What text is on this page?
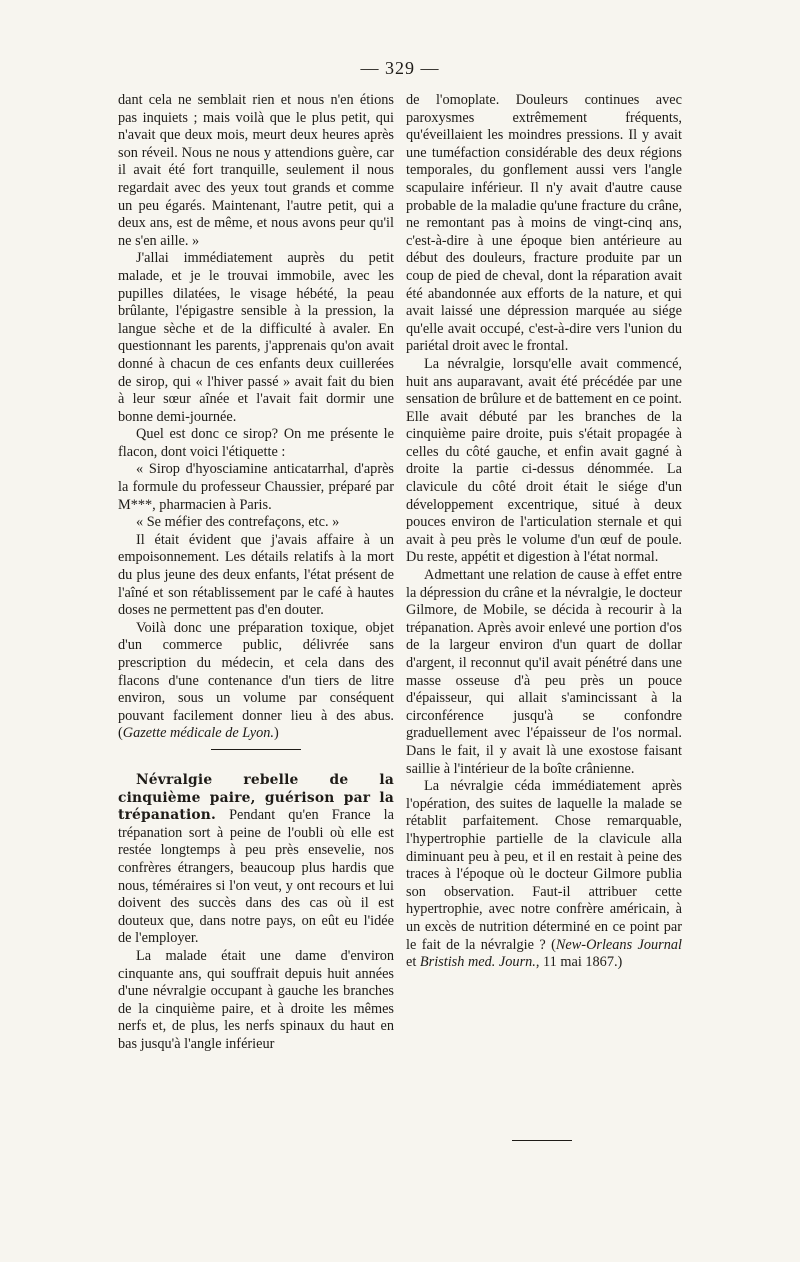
— 329 —

dant cela ne semblait rien et nous n'en étions pas inquiets ; mais voilà que le plus petit, qui n'avait que deux mois, meurt deux heures après son réveil. Nous ne nous y attendions guère, car il avait été fort tranquille, seulement il nous regardait avec des yeux tout grands et comme un peu égarés. Maintenant, l'autre petit, qui a deux ans, est de même, et nous avons peur qu'il ne s'en aille. »

J'allai immédiatement auprès du petit malade, et je le trouvai immobile, avec les pupilles dilatées, le visage hébété, la peau brûlante, l'épigastre sensible à la pression, la langue sèche et de la difficulté à avaler. En questionnant les parents, j'apprenais qu'on avait donné à chacun de ces enfants deux cuillerées de sirop, qui « l'hiver passé » avait fait du bien à leur sœur aînée et l'avait fait dormir une bonne demi-journée.

Quel est donc ce sirop? On me présente le flacon, dont voici l'étiquette :

« Sirop d'hyosciamine anticatarrhal, d'après la formule du professeur Chaussier, préparé par M***, pharmacien à Paris.

« Se méfier des contrefaçons, etc. »

Il était évident que j'avais affaire à un empoisonnement. Les détails relatifs à la mort du plus jeune des deux enfants, l'état présent de l'aîné et son rétablissement par le café à hautes doses ne permettent pas d'en douter.

Voilà donc une préparation toxique, objet d'un commerce public, délivrée sans prescription du médecin, et cela dans des flacons d'une contenance d'un tiers de litre environ, sous un volume par conséquent pouvant facilement donner lieu à des abus. (Gazette médicale de Lyon.)

Névralgie rebelle de la cinquième paire, guérison par la trépanation. Pendant qu'en France la trépanation sort à peine de l'oubli où elle est restée longtemps à peu près ensevelie, nos confrères étrangers, beaucoup plus hardis que nous, téméraires si l'on veut, y ont recours et lui doivent des succès dans des cas où il est douteux que, dans notre pays, on eût eu l'idée de l'employer.

La malade était une dame d'environ cinquante ans, qui souffrait depuis huit années d'une névralgie occupant à gauche les branches de la cinquième paire, et à droite les mêmes nerfs et, de plus, les nerfs spinaux du haut en bas jusqu'à l'angle inférieur

de l'omoplate. Douleurs continues avec paroxysmes extrêmement fréquents, qu'éveillaient les moindres pressions. Il y avait une tuméfaction considérable des deux régions temporales, du gonflement aussi vers l'angle scapulaire inférieur. Il n'y avait d'autre cause probable de la maladie qu'une fracture du crâne, ne remontant pas à moins de vingt-cinq ans, c'est-à-dire à une époque bien antérieure au début des douleurs, fracture produite par un coup de pied de cheval, dont la réparation avait été abandonnée aux efforts de la nature, et qui avait laissé une dépression marquée au siége qu'elle avait occupé, c'est-à-dire vers l'union du pariétal droit avec le frontal.

La névralgie, lorsqu'elle avait commencé, huit ans auparavant, avait été précédée par une sensation de brûlure et de battement en ce point. Elle avait débuté par les branches de la cinquième paire droite, puis s'était propagée à celles du côté gauche, et enfin avait gagné à droite la partie ci-dessus dénommée. La clavicule du côté droit était le siége d'un développement excentrique, situé à deux pouces environ de l'articulation sternale et qui avait à peu près le volume d'un œuf de poule. Du reste, appétit et digestion à l'état normal.

Admettant une relation de cause à effet entre la dépression du crâne et la névralgie, le docteur Gilmore, de Mobile, se décida à recourir à la trépanation. Après avoir enlevé une portion d'os de la largeur environ d'un quart de dollar d'argent, il reconnut qu'il avait pénétré dans une masse osseuse d'à peu près un pouce d'épaisseur, qui allait s'amincissant à la circonférence jusqu'à se confondre graduellement avec l'épaisseur de l'os normal. Dans le fait, il y avait là une exostose faisant saillie à l'intérieur de la boîte crânienne.

La névralgie céda immédiatement après l'opération, des suites de laquelle la malade se rétablit parfaitement. Chose remarquable, l'hypertrophie partielle de la clavicule alla diminuant peu à peu, et il en restait à peine des traces à l'époque où le docteur Gilmore publia son observation. Faut-il attribuer cette hypertrophie, avec notre confrère américain, à un excès de nutrition déterminé en ce point par le fait de la névralgie ? (New-Orleans Journal et Bristish med. Journ., 11 mai 1867.)
